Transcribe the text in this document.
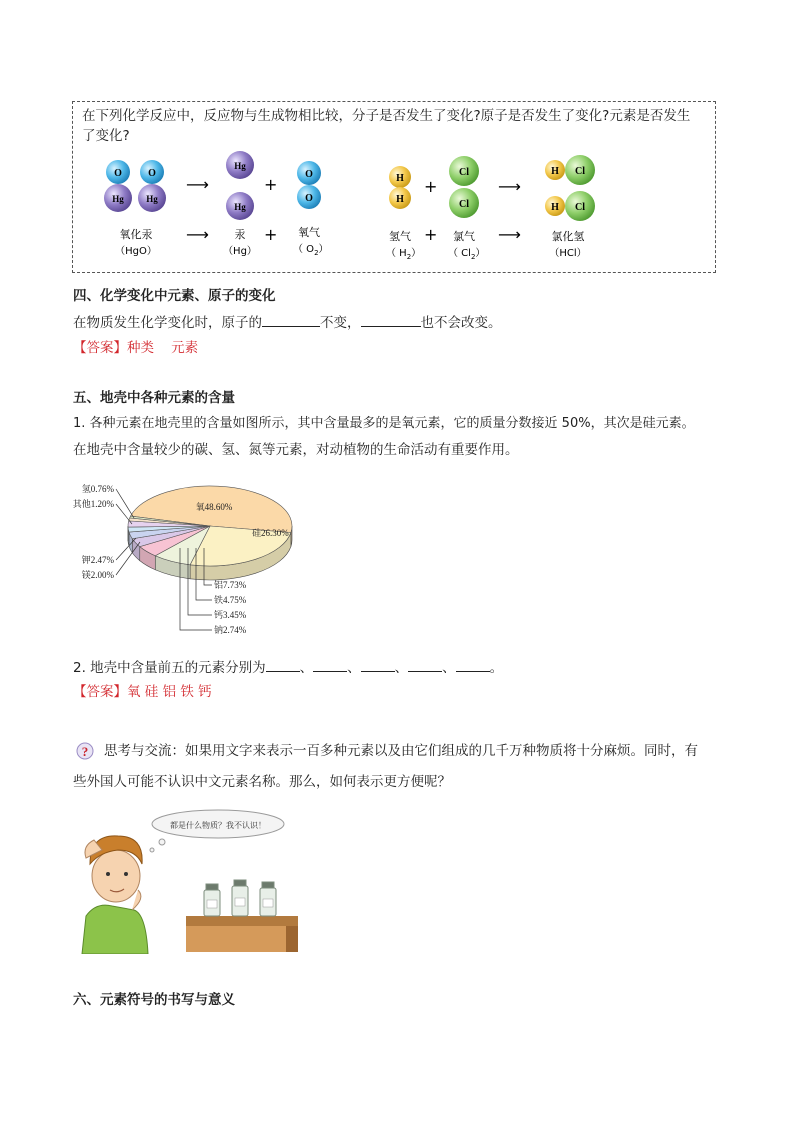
在下列化学反应中，反应物与生成物相比较，分子是否发生了变化?原子是否发生了变化?元素是否发生
了变化?
O
Hg
O
Hg
⟶
Hg
Hg
+
O
O
氧化汞
（HgO）
⟶ 汞
（Hg）
+ 氧气
（ $O_2$）
H
H
+
Cl
Cl
⟶
H Cl
H Cl
氢气
（ $H_2$）
+ 氯气
（ $Cl_2$）
⟶	氯化氢
（HCl）
四、化学变化中元素、原子的变化
在物质发生化学变化时，原子的	不变，	也不会改变。
【答案】种类    元素
五、地壳中各种元素的含量
1. 各种元素在地壳里的含量如图所示，其中含量最多的是氧元素，它的质量分数接近 50%，其次是硅元素。
在地壳中含量较少的碳、氢、氮等元素，对动植物的生命活动有重要作用。
氧48.60%
硅26.30%
铝7.73%
铁4.75%
钙3.45%
钠2.74%
氢0.76%
其他1.20%
钾2.47%
镁2.00%
2. 地壳中含量前五的元素分别为	、	、	、	、	。
【答案】氧 硅 铝 铁 钙
? 思考与交流：如果用文字来表示一百多种元素以及由它们组成的几千万种物质将十分麻烦。同时，有
些外国人可能不认识中文元素名称。那么，如何表示更方便呢？
都是什么物质？我不认识！
六、元素符号的书写与意义
